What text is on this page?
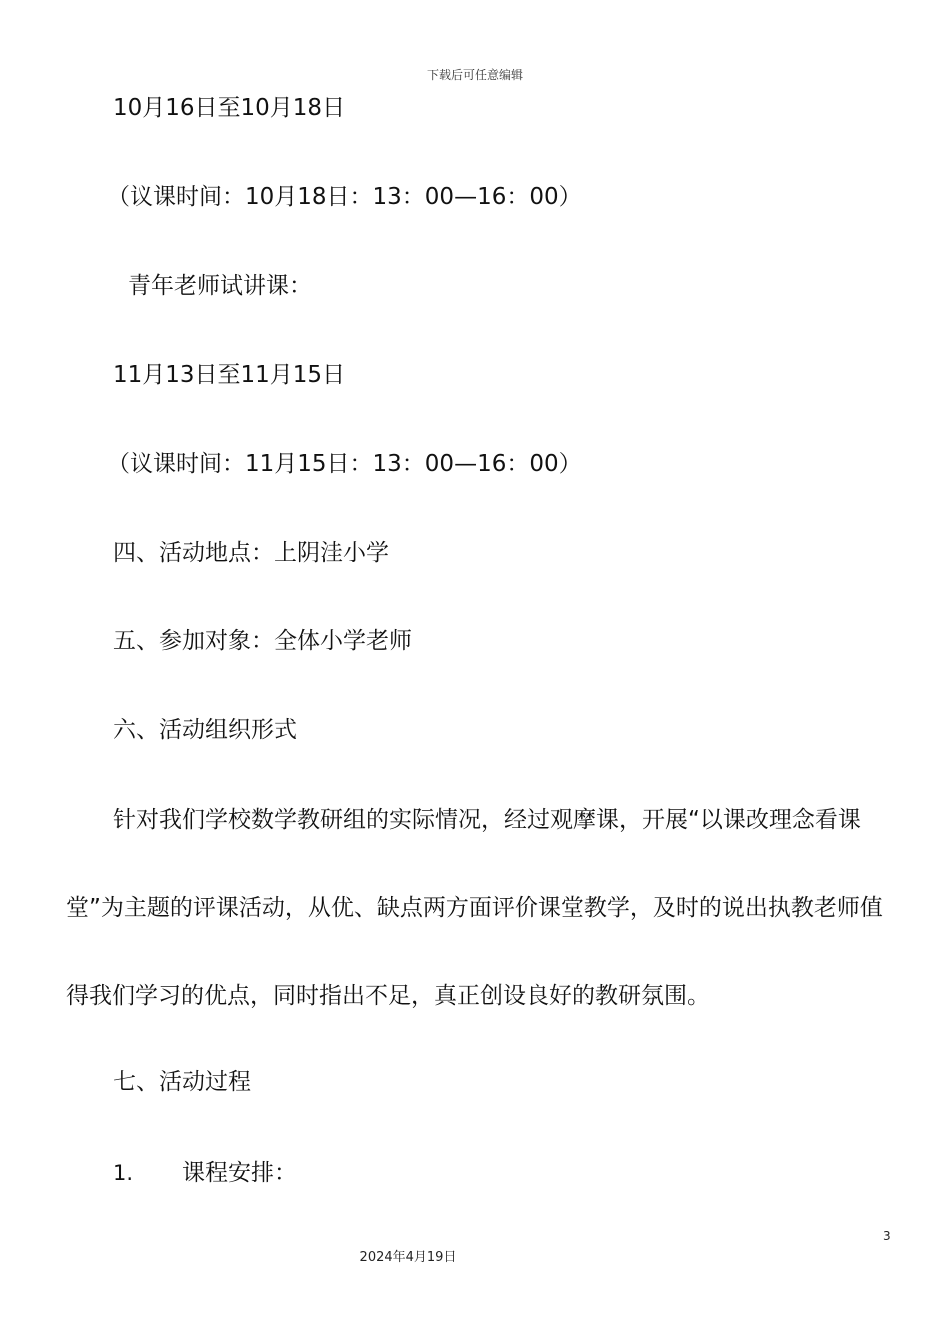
下载后可任意编辑
10月16日至10月18日
（议课时间：10月18日：13：00—16：00）
青年老师试讲课：
11月13日至11月15日
（议课时间：11月15日：13：00—16：00）
四、活动地点：上阴洼小学
五、参加对象：全体小学老师
六、活动组织形式
针对我们学校数学教研组的实际情况，经过观摩课，开展“以课改理念看课
堂”为主题的评课活动，从优、缺点两方面评价课堂教学，及时的说出执教老师值
得我们学习的优点，同时指出不足，真正创设良好的教研氛围。
七、活动过程
1. 课程安排：
3
2024年4月19日
